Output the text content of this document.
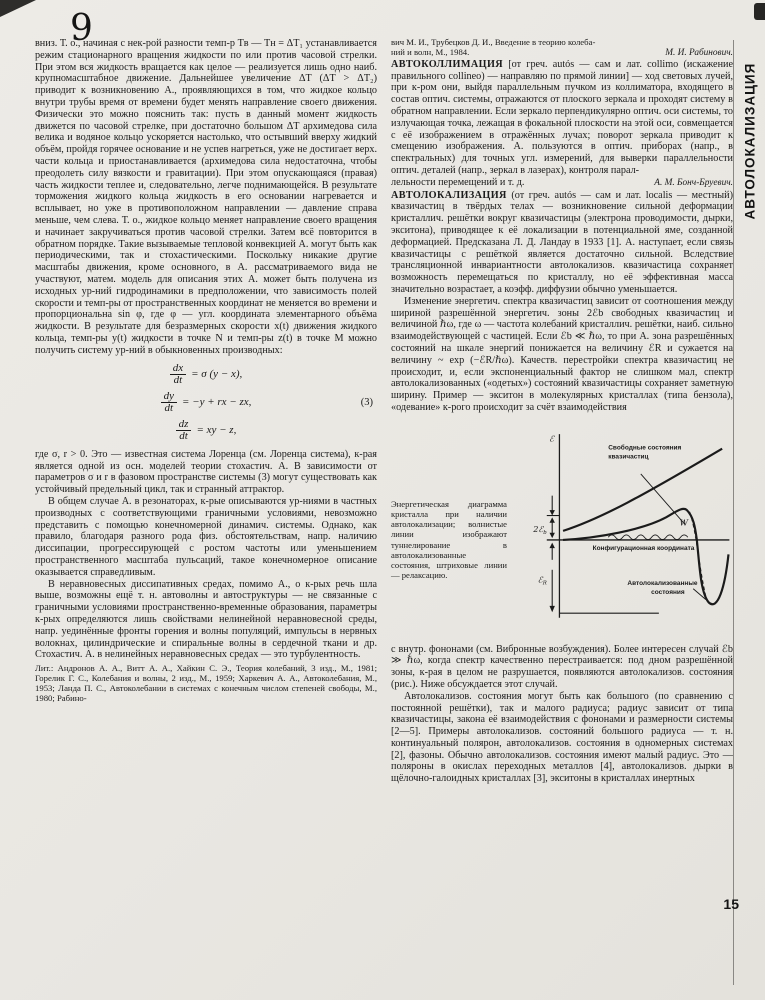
9
АВТОЛОКАЛИЗАЦИЯ
15

вниз. Т. о., начиная с нек-рой разности темп-р Tв — Tн = ΔT₁ устанавливается режим стационарного вращения жидкости по или против часовой стрелки. При этом вся жидкость вращается как целое — реализуется лишь одно наиб. крупномасштабное движение. Дальнейшее увеличение ΔT (ΔT > ΔT₂) приводит к возникновению А., проявляющихся в том, что жидкое кольцо внутри трубы время от времени будет менять направление своего движения. Физически это можно пояснить так: пусть в данный момент жидкость движется по часовой стрелке, при достаточно большом ΔT архимедова сила велика и водяное кольцо ускоряется настолько, что остывший вверху жидкий объём, пройдя горячее основание и не успев нагреться, уже не достигает верх. части кольца и приостанавливается (архимедова сила недостаточна, чтобы преодолеть силу вязкости и гравитации). При этом опускающаяся (правая) часть жидкости теплее и, следовательно, легче поднимающейся. В результате торможения жидкого кольца жидкость в его основании нагревается и всплывает, но уже в противоположном направлении — давление справа меньше, чем слева. Т. о., жидкое кольцо меняет направление своего вращения и начинает закручиваться против часовой стрелки. Затем всё повторится в обратном порядке. Такие вызываемые тепловой конвекцией А. могут быть как периодическими, так и стохастическими. Поскольку никакие другие масштабы движения, кроме основного, в А. рассматриваемого вида не участвуют, матем. модель для описания этих А. может быть получена из исходных ур-ний гидродинамики в предположении, что зависимость полей скорости и темп-ры от пространственных координат не меняется во времени и пропорциональна sin φ, где φ — угл. координата элементарного объёма жидкости. В результате для безразмерных скорости x(t) движения жидкого кольца, темп-ры y(t) жидкости в точке N и темп-ры z(t) в точке M можно получить систему ур-ний в обыкновенных производных:

$\frac{dx}{dt} = \sigma$ (y − x),
$\frac{dy}{dt} = -y$ + rx − zx,
$\frac{dz}{dt}$ = xy − z,
(3)

где σ, r > 0. Это — известная система Лоренца (см. Лоренца система), к-рая является одной из осн. моделей теории стохастич. А. В зависимости от параметров σ и r в фазовом пространстве системы (3) могут существовать как устойчивый предельный цикл, так и странный аттрактор.

В общем случае А. в резонаторах, к-рые описываются ур-ниями в частных производных с соответствующими граничными условиями, невозможно представить с помощью конечномерной динамич. системы. Однако, как правило, благодаря разного рода физ. обстоятельствам, напр. наличию диссипации, прогрессирующей с ростом частоты или уменьшением пространственного масштаба пульсаций, такое конечномерное описание оказывается справедливым.

В неравновесных диссипативных средах, помимо А., о к-рых речь шла выше, возможны ещё т. н. автоволны и автоструктуры — не связанные с граничными условиями пространственно-временные образования, параметры к-рых определяются лишь свойствами нелинейной неравновесной среды, напр. уединённые фронты горения и волны популяций, импульсы в нервных волокнах, цилиндрические и спиральные волны в сердечной ткани и др. Стохастич. А. в нелинейных неравновесных средах — это турбулентность.

Лит.: Андронов А. А., Витт А. А., Хайкин С. Э., Теория колебаний, 3 изд., М., 1981; Горелик Г. С., Колебания и волны, 2 изд., М., 1959; Харкевич А. А., Автоколебания, М., 1953; Ланда П. С., Автоколебании в системах с конечным числом степеней свободы, М., 1980; Рабино-

вич М. И., Трубецков Д. И., Введение в теорию колеба-

ний и волн, М., 1984.	М. И. Рабинович.

АВТОКОЛЛИМАЦИЯ [от греч. autós — сам и лат. collimo (искажение правильного collineo) — направляю по прямой линии] — ход световых лучей, при к-ром они, выйдя параллельным пучком из коллиматора, входящего в состав оптич. системы, отражаются от плоского зеркала и проходят систему в обратном направлении. Если зеркало перпендикулярно оптич. оси системы, то излучающая точка, лежащая в фокальной плоскости на этой оси, совмещается с её изображением в отражённых лучах; поворот зеркала приводит к смещению изображения. А. пользуются в оптич. приборах (напр., в спектральных) для точных угл. измерений, для выверки параллельности оптич. деталей (напр., зеркал в лазерах), контроля парал-

лельности перемещений и т. д.	А. М. Бонч-Бруевич.

АВТОЛОКАЛИЗАЦИЯ (от греч. autós — сам и лат. localis — местный) квазичастиц в твёрдых телах — возникновение сильной деформации кристаллич. решётки вокруг квазичастицы (электрона проводимости, дырки, экситона), приводящее к её локализации в потенциальной яме, созданной деформацией. Предсказана Л. Д. Ландау в 1933 [1]. А. наступает, если связь квазичастицы с решёткой является достаточно сильной. Вследствие трансляционной инвариантности автолокализов. квазичастица сохраняет возможность перемещаться по кристаллу, но её эффективная масса значительно возрастает, а коэфф. диффузии обычно уменьшается.

Изменение энергетич. спектра квазичастиц зависит от соотношения между шириной разрешённой энергетич. зоны 2ℰb свободных квазичастиц и величиной ℏω, где ω — частота колебаний кристаллич. решётки, наиб. сильно взаимодействующей с частицей. Если ℰb ≪ ℏω, то при А. зона разрешённых состояний на шкале энергий понижается на величину ℰR и сужается на величину ~ exp (−ℰR/ℏω). Качеств. перестройки спектра квазичастиц не происходит, и, если экспоненциальный фактор не слишком мал, спектр автолокализованных («одетых») состояний квазичастицы сохраняет заметную ширину. Пример — экситон в молекулярных кристаллах (типа бензола), «одевание» к-рого происходит за счёт взаимодействия

Энергетическая диаграмма кристалла при наличии автолокализации; волнистые линии изображают туннелирование в автолокализованные состояния, штриховые линии — релаксацию.
ℰ
Свободные состояния
квазичастиц
2ℰ$_b$
ℰ$_R$
W
Конфигурационная координата
Автолокализованные
состояния

с внутр. фононами (см. Вибронные возбуждения). Более интересен случай ℰb ≫ ℏω, когда спектр качественно перестраивается: под дном разрешённой зоны, к-рая в целом не разрушается, появляются автолокализов. состояния (рис.). Ниже обсуждается этот случай.

Автолокализов. состояния могут быть как большого (по сравнению с постоянной решётки), так и малого радиуса; радиус зависит от типа квазичастицы, закона её взаимодействия с фононами и размерности системы [2—5]. Примеры автолокализов. состояний большого радиуса — т. н. континуальный полярон, автолокализов. состояния в одномерных системах [2], фазоны. Обычно автолокализов. состояния имеют малый радиус. Это — поляроны в окислах переходных металлов [4], автолокализов. дырки в щёлочно-галоидных кристаллах [3], экситоны в кристаллах инертных
